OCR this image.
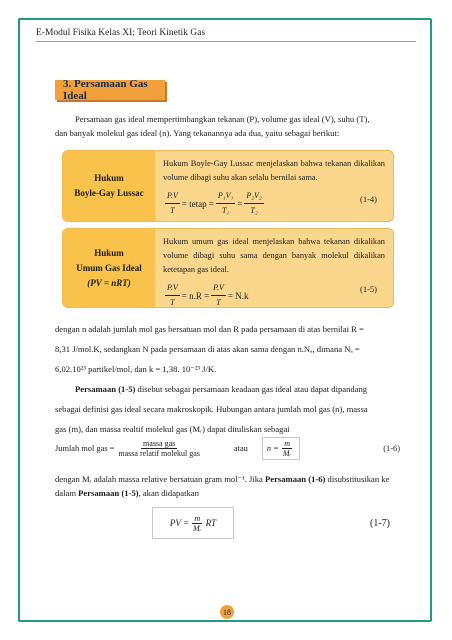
E-Modul Fisika Kelas XI; Teori Kinetik Gas
3. Persamaan Gas Ideal
Persamaan gas ideal mempertimbangkan tekanan (P), volume gas ideal (V), suhu (T),
dan banyak molekul gas ideal (n). Yang tekanannya ada dua, yaitu sebagai berikut:
Hukum
Boyle-Gay Lussac
Hukum Boyle-Gay Lussac menjelaskan bahwa tekanan dikalikan volume dibagi suhu akan selalu bernilai sama.
$\frac{P.V}{T}$ = tetap = $\frac{\text{P₁V₁}}{\text{T₁}} = \frac{\text{P₂V₂}}{\text{T₂}}$	(1-4)
Hukum
Umum Gas Ideal
(PV = nRT)
Hukum umum gas ideal menjelaskan bahwa tekanan dikalikan volume dibagi suhu sama dengan banyak molekul dikalikan ketetapan gas ideal.
$\frac{P.V}{T} = n.R = \frac{P.V}{T} = N.k$
(1-5)
dengan n adalah jumlah mol gas bersatuan mol dan R pada persamaan di atas bernilai R =
8,31 J/mol.K, sedangkan N pada persamaan di atas akan sama dengan n.Nₐ, dimana Nₐ =
6,02.10²³ partikel/mol, dan k = 1,38. 10⁻²³ J/K.
Persamaan (1-5) disebut sebagai persamaan keadaan gas ideal atau dapat dipandang
sebagai definisi gas ideal secara makroskopik. Hubungan antara jumlah mol gas (n), massa
gas (m), dan massa realtif molekul gas (Mᵣ) dapat dituliskan sebagai
Jumlah mol gas = $\frac{\text{massa gas}}{\text{massa relatif molekul gas}}$	atau $n = \frac{m}{\text{Mᵣ}}$	(1-6)
dengan Mᵣ adalah massa relative bersatuan gram mol⁻¹. Jika Persamaan (1-6) disubstitusikan ke
dalam Persamaan (1-5), akan didapatkan
PV = $\frac{m}{\text{Mᵣ}}$ RT	(1-7)
18
